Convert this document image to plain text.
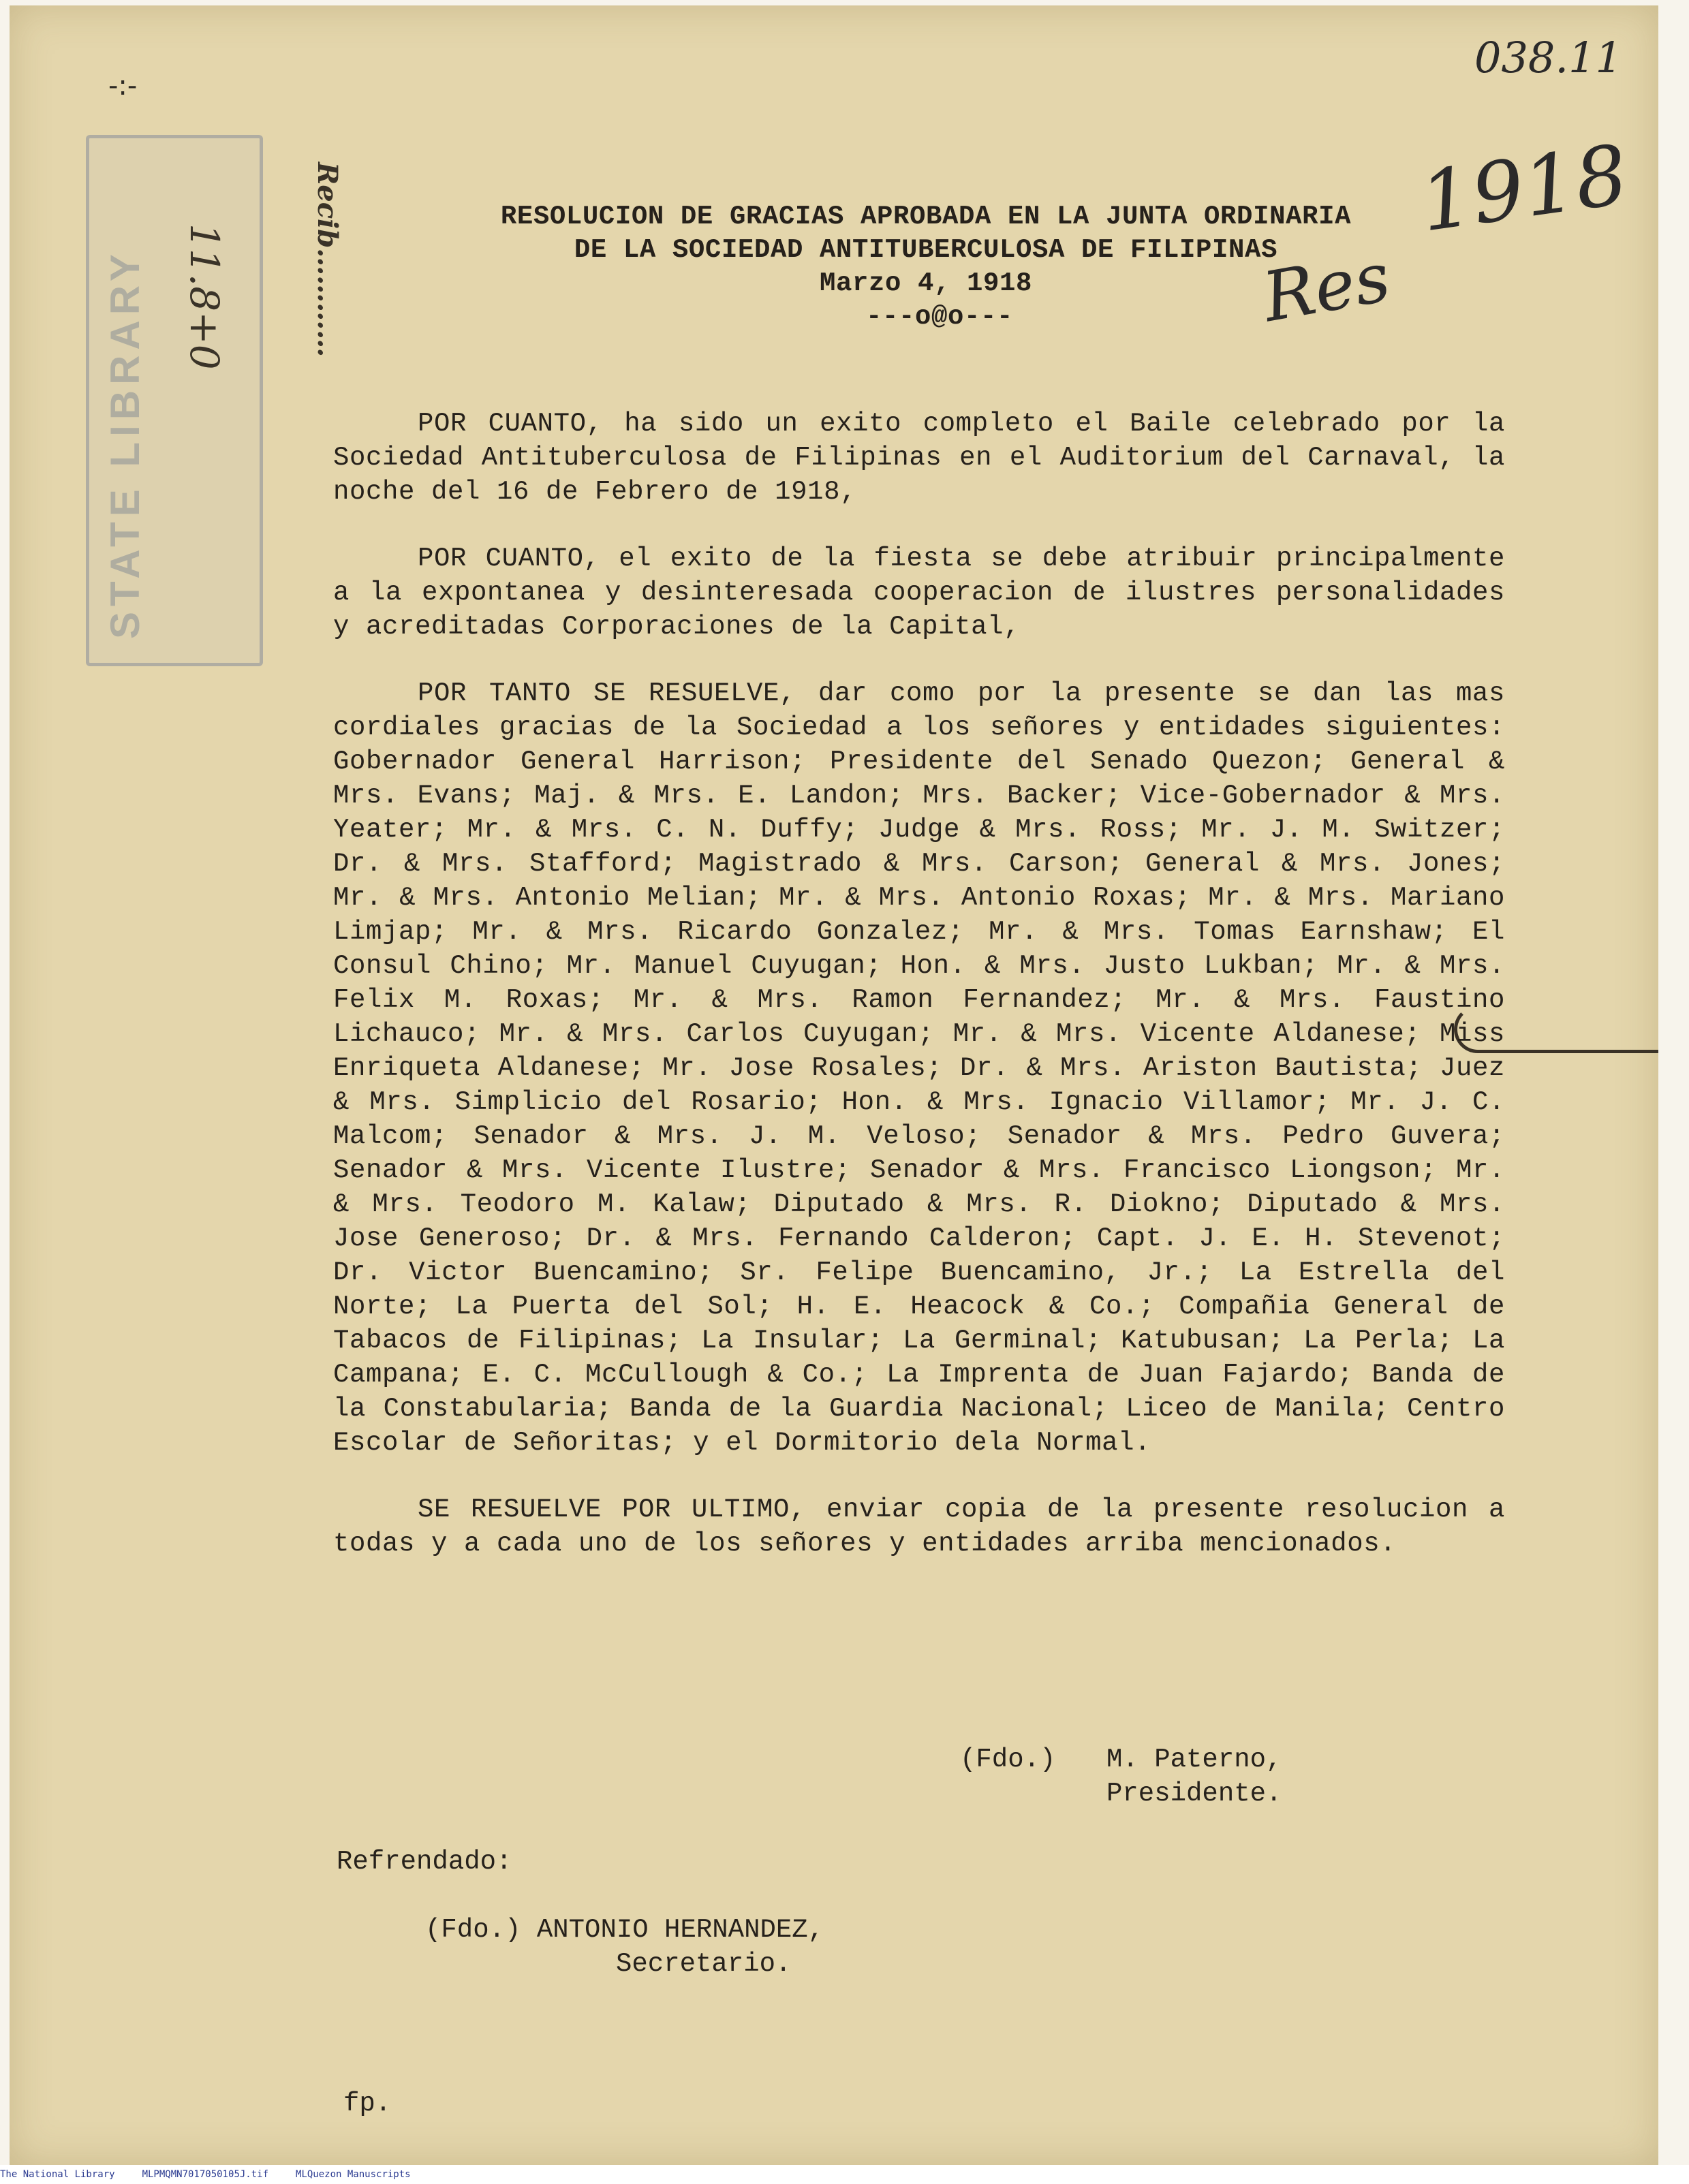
STATE LIBRARY 11.8+0	Recib…………
-:-
038.11
1918
Res
RESOLUCION DE GRACIAS APROBADA EN LA JUNTA ORDINARIA
DE LA SOCIEDAD ANTITUBERCULOSA DE FILIPINAS
Marzo 4, 1918
---o@o---

POR CUANTO, ha sido un exito completo el Baile celebrado por la Sociedad Antituberculosa de Filipinas en el Auditorium del Carnaval, la noche del 16 de Febrero de 1918,

POR CUANTO, el exito de la fiesta se debe atribuir principalmente a la expontanea y desinteresada cooperacion de ilustres personalidades y acreditadas Corporaciones de la Capital,

POR TANTO SE RESUELVE, dar como por la presente se dan las mas cordiales gracias de la Sociedad a los señores y entidades siguientes: Gobernador General Harrison; Presidente del Senado Quezon; General & Mrs. Evans; Maj. & Mrs. E. Landon; Mrs. Backer; Vice-Gobernador & Mrs. Yeater; Mr. & Mrs. C. N. Duffy; Judge & Mrs. Ross; Mr. J. M. Switzer; Dr. & Mrs. Stafford; Magistrado & Mrs. Carson; General & Mrs. Jones; Mr. & Mrs. Antonio Melian; Mr. & Mrs. Antonio Roxas; Mr. & Mrs. Mariano Limjap; Mr. & Mrs. Ricardo Gonzalez; Mr. & Mrs. Tomas Earnshaw; El Consul Chino; Mr. Manuel Cuyugan; Hon. & Mrs. Justo Lukban; Mr. & Mrs. Felix M. Roxas; Mr. & Mrs. Ramon Fernandez; Mr. & Mrs. Faustino Lichauco; Mr. & Mrs. Carlos Cuyugan; Mr. & Mrs. Vicente Aldanese; Miss Enriqueta Aldanese; Mr. Jose Rosales; Dr. & Mrs. Ariston Bautista; Juez & Mrs. Simplicio del Rosario; Hon. & Mrs. Ignacio Villamor; Mr. J. C. Malcom; Senador & Mrs. J. M. Veloso; Senador & Mrs. Pedro Guvera; Senador & Mrs. Vicente Ilustre; Senador & Mrs. Francisco Liongson; Mr. & Mrs. Teodoro M. Kalaw; Diputado & Mrs. R. Diokno; Diputado & Mrs. Jose Generoso; Dr. & Mrs. Fernando Calderon; Capt. J. E. H. Stevenot; Dr. Victor Buencamino; Sr. Felipe Buencamino, Jr.; La Estrella del Norte; La Puerta del Sol; H. E. Heacock & Co.; Compañia General de Tabacos de Filipinas; La Insular; La Germinal; Katubusan; La Perla; La Campana; E. C. McCullough & Co.; La Imprenta de Juan Fajardo; Banda de la Constabularia; Banda de la Guardia Nacional; Liceo de Manila; Centro Escolar de Señoritas; y el Dormitorio dela Normal.

SE RESUELVE POR ULTIMO, enviar copia de la presente resolucion a todas y a cada uno de los señores y entidades arriba mencionados.

(Fdo.) M. Paterno,
Presidente.
Refrendado:
(Fdo.) ANTONIO HERNANDEZ,
Secretario.
fp.
The National Library	MLPMQMN7017050105J.tif	MLQuezon Manuscripts
